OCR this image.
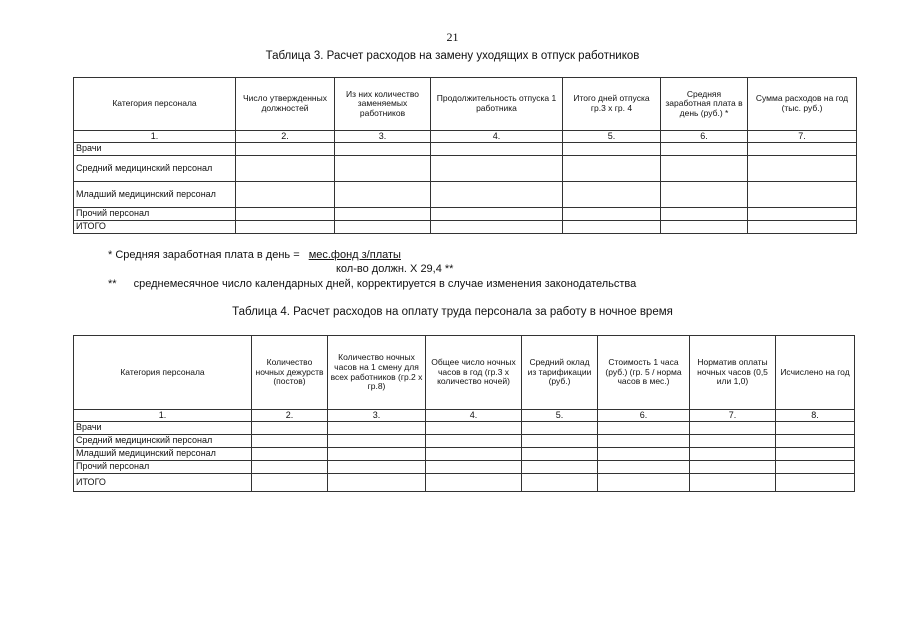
21
Таблица 3. Расчет расходов на замену уходящих в отпуск работников
Категория персонала	Число утвержденных должностей	Из них количество заменяемых работников	Продолжительность отпуска 1 работника	Итого дней отпуска гр.3 х гр. 4	Средняя заработная плата в день (руб.) *	Сумма расходов на год (тыс. руб.)
1.	2.	3.	4.	5.	6.	7.
Врачи						
Средний медицинский персонал						
Младший медицинский персонал						
Прочий персонал						
ИТОГО						
* Средняя заработная плата в день = мес.фонд з/платы
кол-во должн. Х 29,4 **
** среднемесячное число календарных дней, корректируется в случае изменения законодательства
Таблица 4. Расчет расходов на оплату труда персонала за работу в ночное время
Категория персонала	Количество ночных дежурств (постов)	Количество ночных часов на 1 смену для всех работников (гр.2 х гр.8)	Общее число ночных часов в год (гр.3 х количество ночей)	Средний оклад из тарификации (руб.)	Стоимость 1 часа (руб.) (гр. 5 / норма часов в мес.)	Норматив оплаты ночных часов (0,5 или 1,0)	Исчислено на год
1.	2.	3.	4.	5.	6.	7.	8.
Врачи							
Средний медицинский персонал							
Младший медицинский персонал							
Прочий персонал							
ИТОГО							
